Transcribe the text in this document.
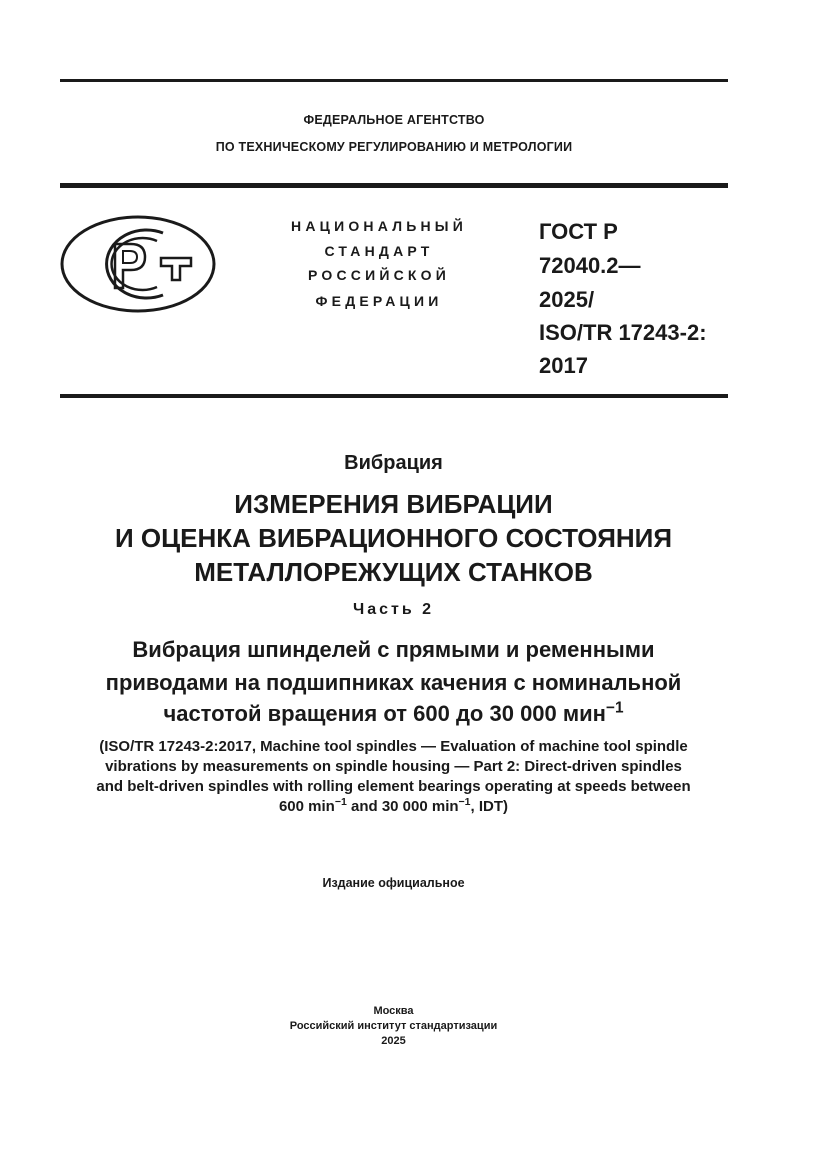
ФЕДЕРАЛЬНОЕ АГЕНТСТВО
ПО ТЕХНИЧЕСКОМУ РЕГУЛИРОВАНИЮ И МЕТРОЛОГИИ
НАЦИОНАЛЬНЫЙ
СТАНДАРТ
РОССИЙСКОЙ
ФЕДЕРАЦИИ
ГОСТ Р
72040.2—
2025/
ISO/TR 17243-2:
2017
Вибрация
ИЗМЕРЕНИЯ ВИБРАЦИИ
И ОЦЕНКА ВИБРАЦИОННОГО СОСТОЯНИЯ
МЕТАЛЛОРЕЖУЩИХ СТАНКОВ
Часть 2
Вибрация шпинделей с прямыми и ременными
приводами на подшипниках качения с номинальной
частотой вращения от 600 до 30 000 мин$^{-1}$
(ISO/TR 17243-2:2017, Machine tool spindles — Evaluation of machine tool spindle
vibrations by measurements on spindle housing — Part 2: Direct-driven spindles
and belt-driven spindles with rolling element bearings operating at speeds between
600 $\min^{-1}$ and 30 000 $\min^{-1}$, IDT)
Издание официальное
Москва
Российский институт стандартизации
2025
